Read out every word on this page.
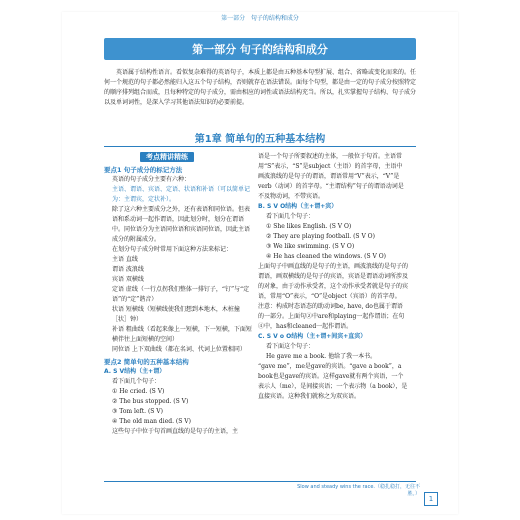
第一部分 句子的结构和成分
第一部分 句子的结构和成分
英语属于结构性语言。看似复杂难得的英语句子，本质上都是由五种基本句型扩展、组合、省略或变化而来的。任何一个规范的句子都必然能归入这五个句子结构，否则就存在语法错误。面每个句型，都是由一定的句子成分按照特定的顺序排列组合而成，且每种特定的句子成分，需由相应的词性或语法结构充当。所以，扎实掌握句子结构、句子成分以及单词词性，是深入学习其他语法知识的必要前提。
第1章 简单句的五种基本结构
考点精讲精练
要点1 句子成分的标记方法
英语的句子成分主要有六种：
主语、谓语、宾语、定语、状语和补语（可以简单记为：主谓宾，定状补）。
除了这六种主要成分之外，还有表语和同位语。但表语和系动词一起作谓语，因此划分时，划分在谓语中。同位语分为主语同位语和宾语同位语，因此主语成分的附属成分。
在划分句子成分时常用下面这种方法来标记：
主语 直线
谓语 波浪线
宾语 双横线
定语 虚线（一行点拐我们整体一排钉子，“钉”与“定语”的“定”谐音）
状语 短横线（短横线使我们想到本地木，木桩撞［状］钟）
补语 粗曲线（看起来像上一短横，下一短横，下面短横伴往上面短横的空间）
同位语 上下双曲线（都在名词、代词上位置相同）
要点2 简单句的五种基本结构
A. S V结构（主+谓）
看下面几个句子：
① He cried. (S V)
② The bus stopped. (S V)
③ Tom left. (S V)
④ The old man died. (S V)
这些句子中位于句首画直线的是句子的主语，主
语是一个句子所要叙述的主体，一般位于句首。主语常用“S”表示，“S”是subject（主语）的首字母，主语中画波浪线的是句子的谓语，谓语常用“V”表示，“V”是verb（动词）的首字母。“主谓结构”句子的谓语动词是不及物动词，不带宾语。
B. S V O结构（主+谓+宾）
看下面几个句子：
① She likes English. (S V O)
② They are playing football. (S V O)
③ We like swimming. (S V O)
④ He has cleaned the windows. (S V O)
上面句子中画直线的是句子的主语，画波浪线的是句子的谓语，画双横线的是句子的宾语，宾语是谓语动词所涉及的对象，由于动作承受者，这个动作承受者就是句子的宾语，常用“O”表示，“O”是object（宾语）的首字母。
注意：构成时态语态的助动词be, have, do也属于谓语的一部分。上面句②中are和playing一起作谓语；在句④中，has和cleaned一起作谓语。
C. S V o O结构（主+谓+间宾+直宾）
看下面这个句子：
He gave me a book. 他给了我一本书。
“gave me”，me是gave的宾语。“gave a book”，a book也是gave的宾语。这样gave就有两个宾语，一个表示人（me），是间接宾语；一个表示物（a book），是直接宾语。这种我们就称之为双宾语。
Slow and steady wins the race.（稳扎稳打，无往不胜。）
1
